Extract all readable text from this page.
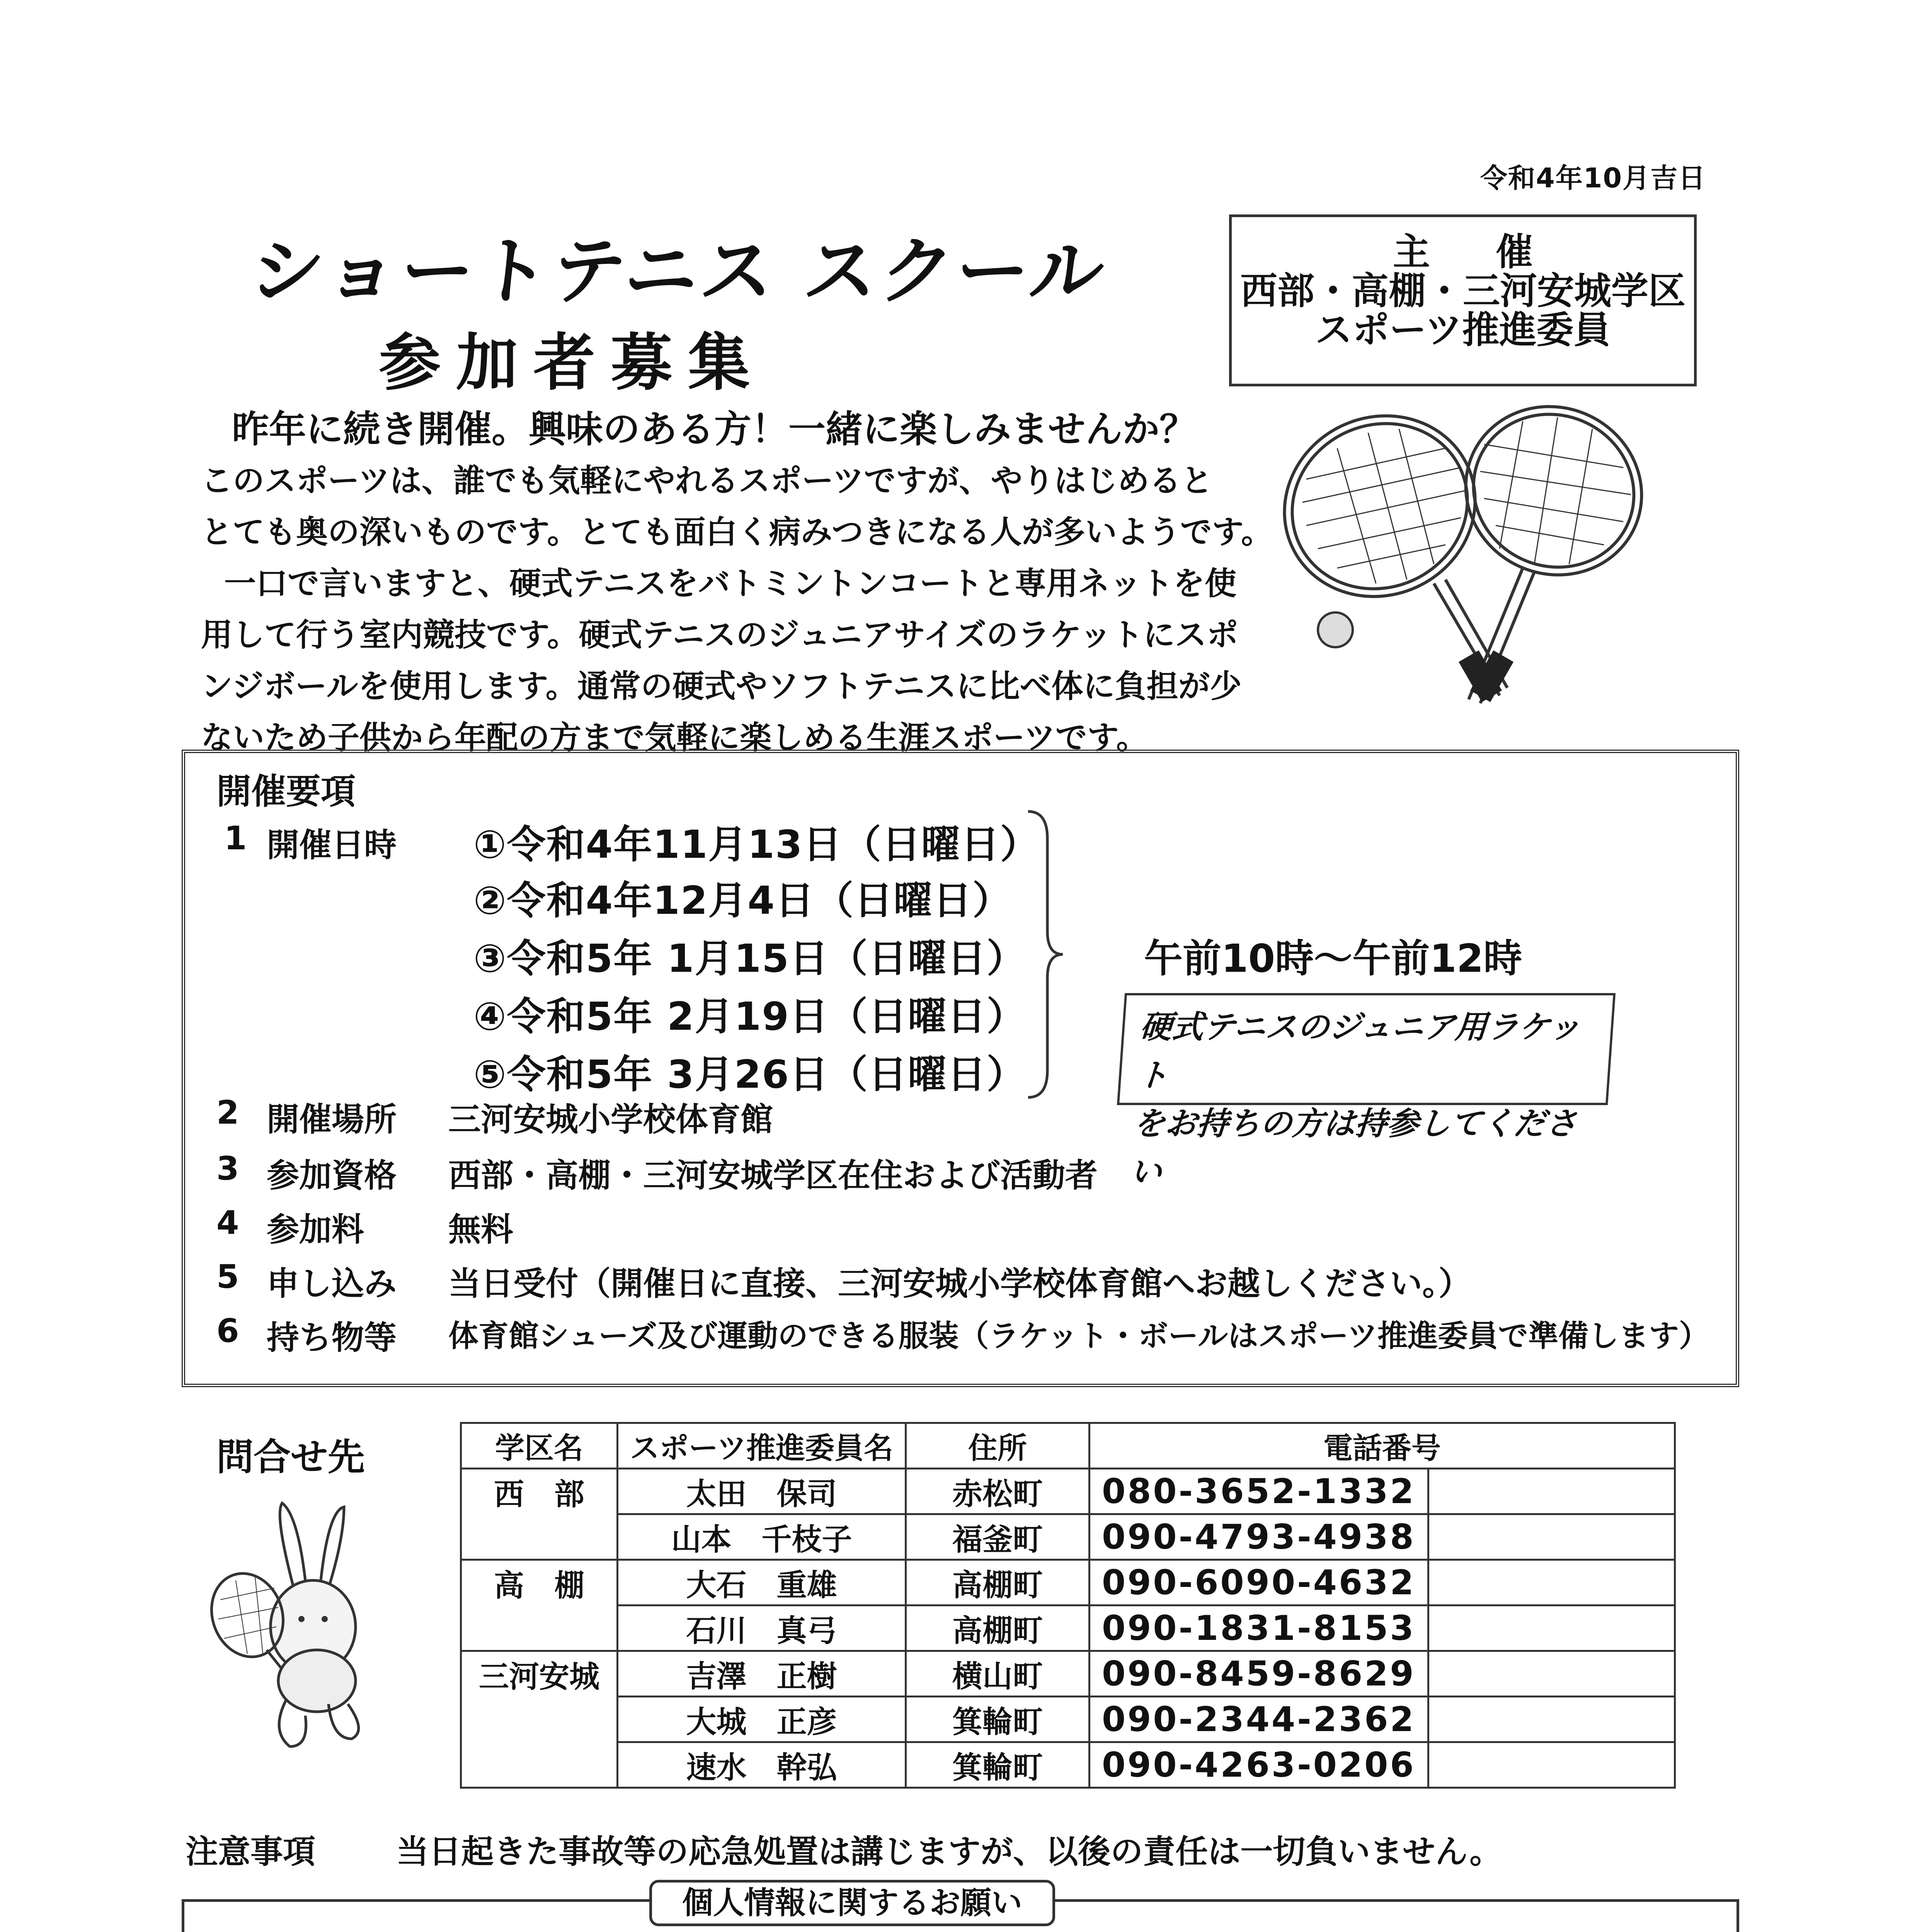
令和4年10月吉日
ショートテニス スクール
参加者募集
主催
西部・高棚・三河安城学区
スポーツ推進委員

昨年に続き開催。興味のある方！一緒に楽しみませんか？

このスポーツは、誰でも気軽にやれるスポーツですが、やりはじめると

とても奥の深いものです。とても面白く病みつきになる人が多いようです。

一口で言いますと、硬式テニスをバトミントンコートと専用ネットを使

用して行う室内競技です。硬式テニスのジュニアサイズのラケットにスポ

ンジボールを使用します。通常の硬式やソフトテニスに比べ体に負担が少

ないため子供から年配の方まで気軽に楽しめる生涯スポーツです。

開催要項
1 開催日時 ①令和4年11月13日（日曜日）
②令和4年12月4日（日曜日）
③令和5年 1月15日（日曜日）
④令和5年 2月19日（日曜日）
⑤令和5年 3月26日（日曜日）
午前10時～午前12時
硬式テニスのジュニア用ラケット
をお持ちの方は持参してください
2 開催場所 三河安城小学校体育館
3 参加資格 西部・高棚・三河安城学区在住および活動者
4 参加料	無料
5 申し込み 当日受付（開催日に直接、三河安城小学校体育館へお越しください。）
6 持ち物等 体育館シューズ及び運動のできる服装（ラケット・ボールはスポーツ推進委員で準備します）
問合せ先	学区名	スポーツ推進委員名	住所	電話番号	
西　部	太田　保司	赤松町	080-3652-1332	
	山本　千枝子	福釜町	090-4793-4938	
高　棚	大石　重雄	高棚町	090-6090-4632	
	石川　真弓	高棚町	090-1831-8153	
三河安城	吉澤　正樹	横山町	090-8459-8629	
	大城　正彦	箕輪町	090-2344-2362	
	速水　幹弘	箕輪町	090-4263-0206	
注意事項 当日起きた事故等の応急処置は講じますが、以後の責任は一切負いません。
個人情報に関するお願い
